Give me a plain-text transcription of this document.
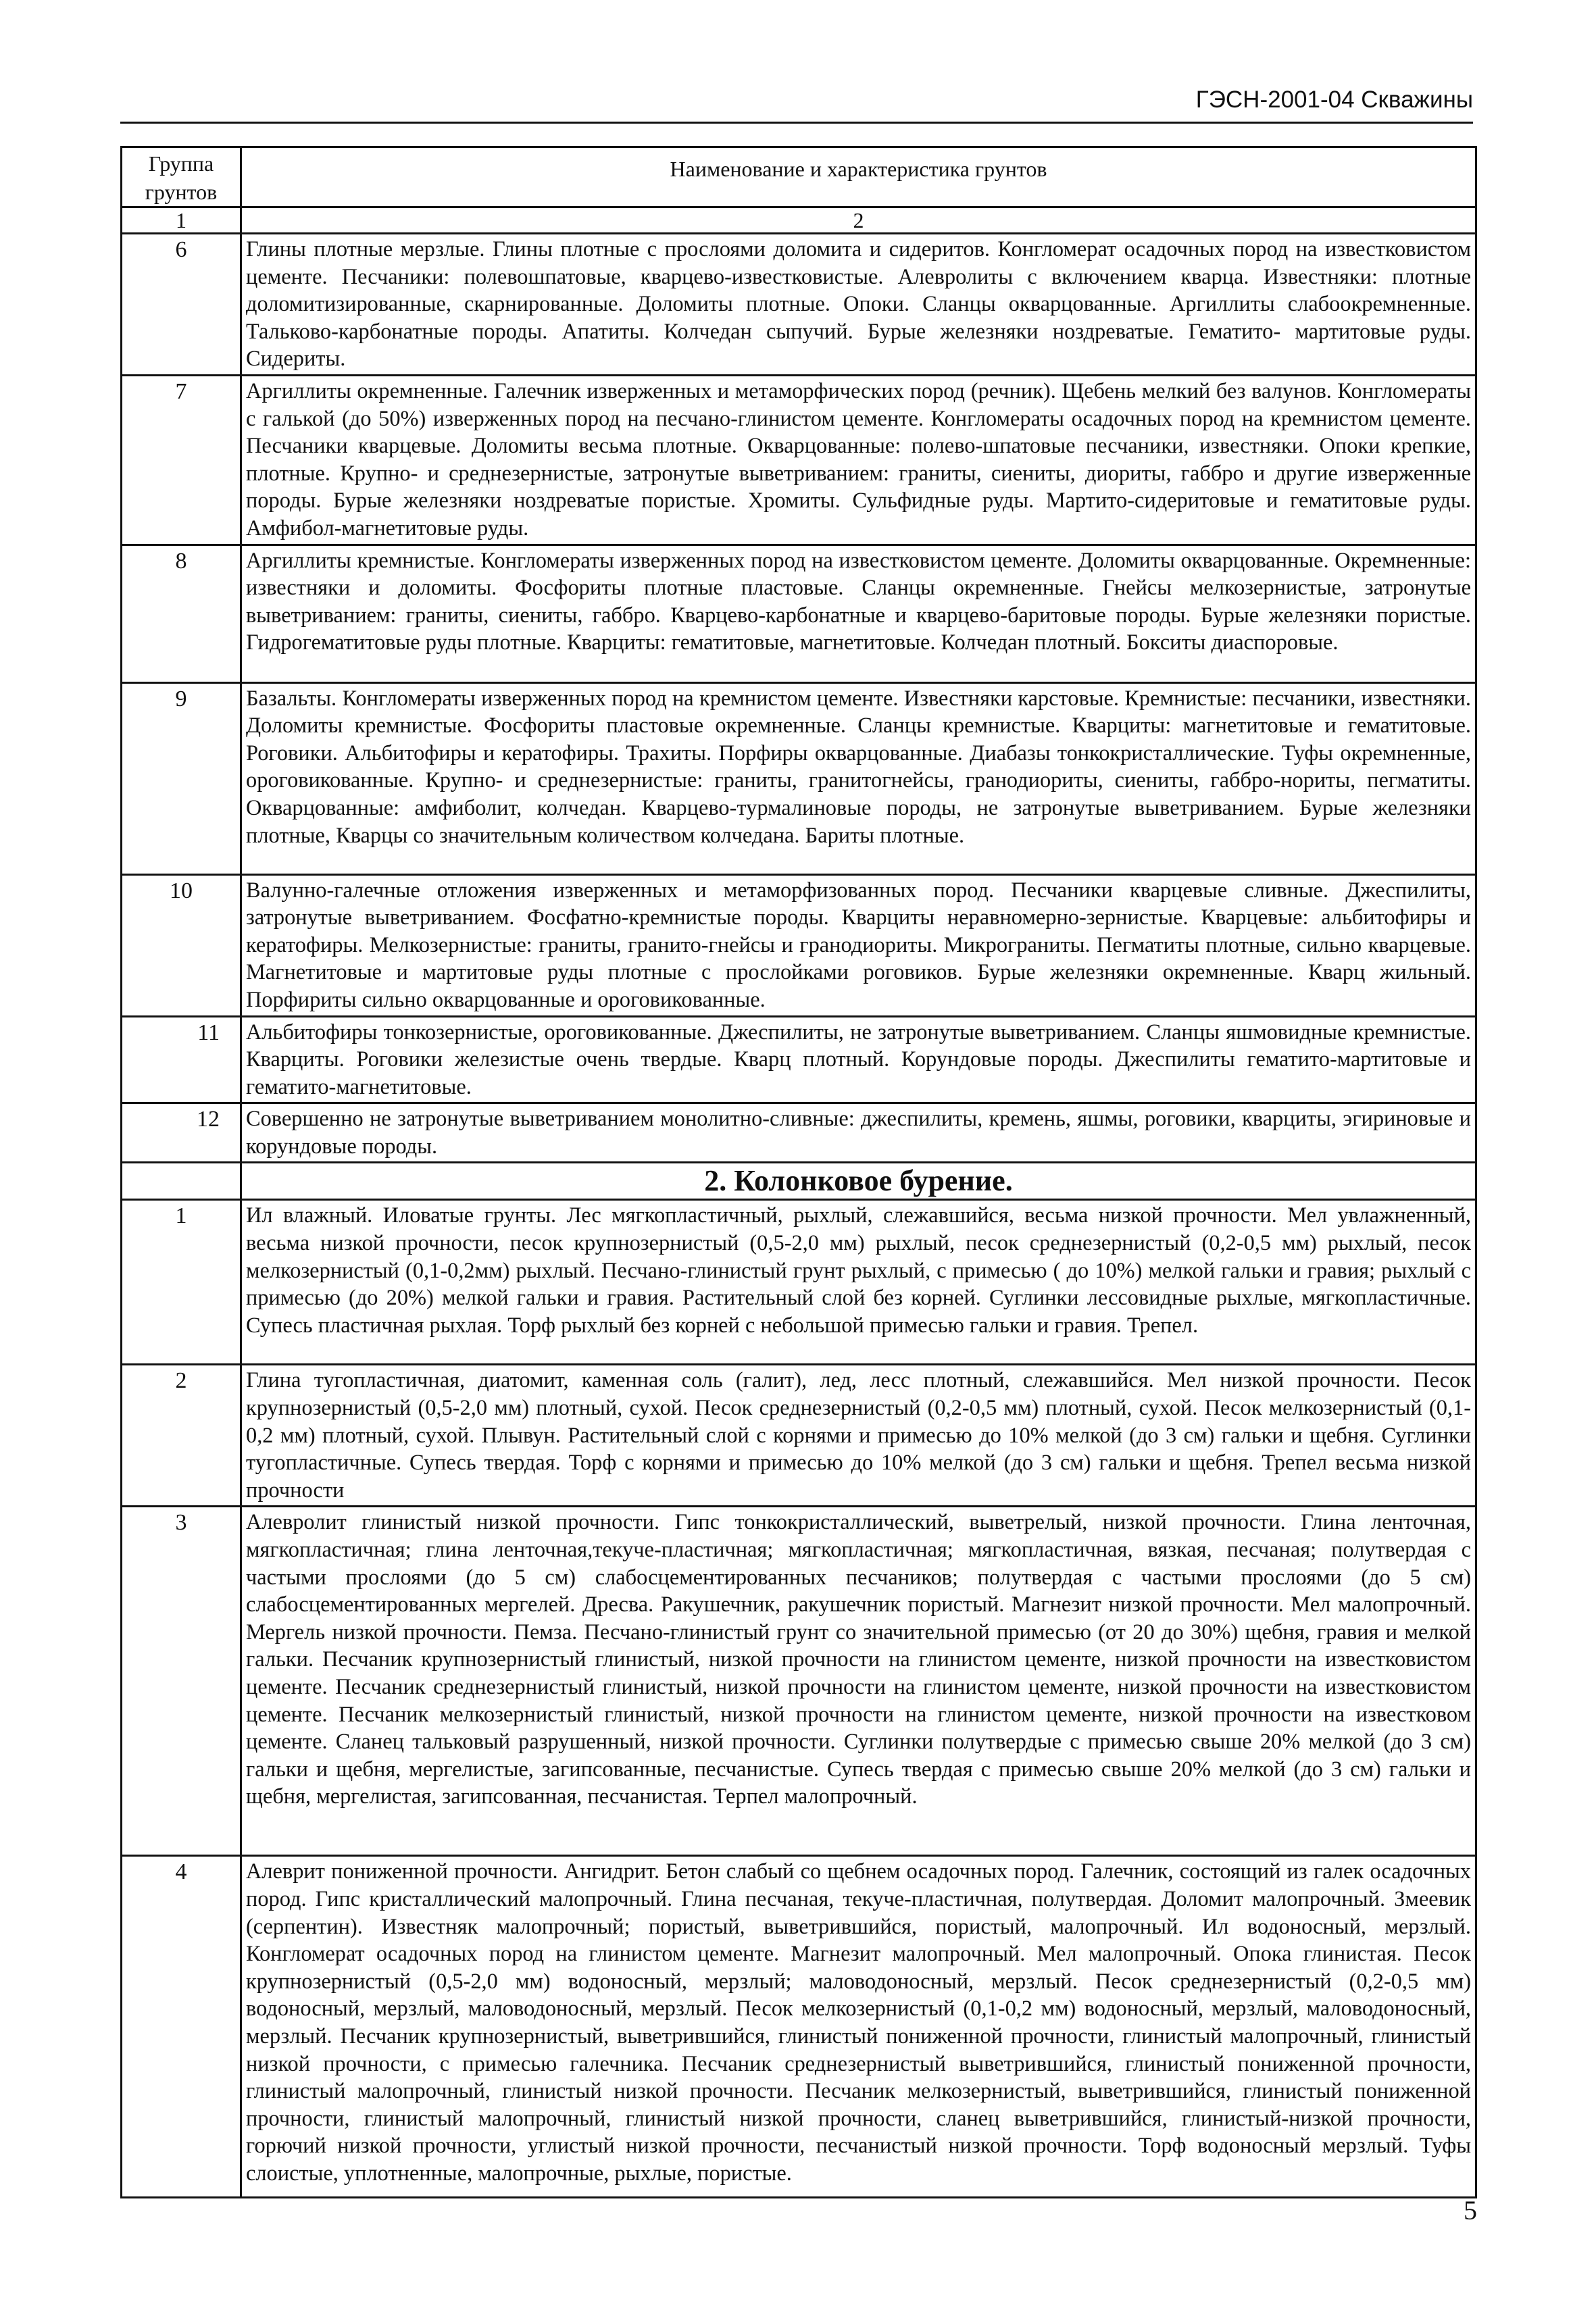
ГЭСН-2001-04 Скважины
Группа грунтов	Наименование и характеристика грунтов
1	2
6	Глины плотные мерзлые. Глины плотные с прослоями доломита и сидеритов. Конгломерат осадочных пород на известковистом цементе. Песчаники: полевошпатовые, кварцево-известковистые. Алевролиты с включением кварца. Известняки: плотные доломитизированные, скарнированные. Доломиты плотные. Опоки. Сланцы окварцованные. Аргиллиты слабоокремненные. Тальково-карбонатные породы. Апатиты. Колчедан сыпучий. Бурые железняки ноздреватые. Гематито- мартитовые руды. Сидериты.
7	Аргиллиты окремненные. Галечник изверженных и метаморфических пород (речник). Щебень мелкий без валунов. Конгломераты с галькой (до 50%) изверженных пород на песчано-глинистом цементе. Конгломераты осадочных пород на кремнистом цементе. Песчаники кварцевые. Доломиты весьма плотные. Окварцованные: полево-шпатовые песчаники, известняки. Опоки крепкие, плотные. Крупно- и среднезернистые, затронутые выветриванием: граниты, сиениты, диориты, габбро и другие изверженные породы. Бурые железняки ноздреватые пористые. Хромиты. Сульфидные руды. Мартито-сидеритовые и гематитовые руды. Амфибол-магнетитовые руды.
8	Аргиллиты кремнистые. Конгломераты изверженных пород на известковистом цементе. Доломиты окварцованные. Окремненные: известняки и доломиты. Фосфориты плотные пластовые. Сланцы окремненные. Гнейсы мелкозернистые, затронутые выветриванием: граниты, сиениты, габбро. Кварцево-карбонатные и кварцево-баритовые породы. Бурые железняки пористые. Гидрогематитовые руды плотные. Кварциты: гематитовые, магнетитовые. Колчедан плотный. Бокситы диаспоровые.
9	Базальты. Конгломераты изверженных пород на кремнистом цементе. Известняки карстовые. Кремнистые: песчаники, известняки. Доломиты кремнистые. Фосфориты пластовые окремненные. Сланцы кремнистые. Кварциты: магнетитовые и гематитовые. Роговики. Альбитофиры и кератофиры. Трахиты. Порфиры окварцованные. Диабазы тонкокристаллические. Туфы окремненные, ороговикованные. Крупно- и среднезернистые: граниты, гранитогнейсы, гранодиориты, сиениты, габбро-нориты, пегматиты. Окварцованные: амфиболит, колчедан. Кварцево-турмалиновые породы, не затронутые выветриванием. Бурые железняки плотные, Кварцы со значительным количеством колчедана. Бариты плотные.
10	Валунно-галечные отложения изверженных и метаморфизованных пород. Песчаники кварцевые сливные. Джеспилиты, затронутые выветриванием. Фосфатно-кремнистые породы. Кварциты неравномерно-зернистые. Кварцевые: альбитофиры и кератофиры. Мелкозернистые: граниты, гранито-гнейсы и гранодиориты. Микрограниты. Пегматиты плотные, сильно кварцевые. Магнетитовые и мартитовые руды плотные с прослойками роговиков. Бурые железняки окремненные. Кварц жильный. Порфириты сильно окварцованные и ороговикованные.
11	Альбитофиры тонкозернистые, ороговикованные. Джеспилиты, не затронутые выветриванием. Сланцы яшмовидные кремнистые. Кварциты. Роговики железистые очень твердые. Кварц плотный. Корундовые породы. Джеспилиты гематито-мартитовые и гематито-магнетитовые.
12	Совершенно не затронутые выветриванием монолитно-сливные: джеспилиты, кремень, яшмы, роговики, кварциты, эгириновые и корундовые породы.
	2. Колонковое бурение.
1	Ил влажный. Иловатые грунты. Лес мягкопластичный, рыхлый, слежавшийся, весьма низкой прочности. Мел увлажненный, весьма низкой прочности, песок крупнозернистый (0,5-2,0 мм) рыхлый, песок среднезернистый (0,2-0,5 мм) рыхлый, песок мелкозернистый (0,1-0,2мм) рыхлый. Песчано-глинистый грунт рыхлый, с примесью ( до 10%) мелкой гальки и гравия; рыхлый с примесью (до 20%) мелкой гальки и гравия. Растительный слой без корней. Суглинки лессовидные рыхлые, мягкопластичные. Супесь пластичная рыхлая. Торф рыхлый без корней с небольшой примесью гальки и гравия. Трепел.
2	Глина тугопластичная, диатомит, каменная соль (галит), лед, лесс плотный, слежавшийся. Мел низкой прочности. Песок крупнозернистый (0,5-2,0 мм) плотный, сухой. Песок среднезернистый (0,2-0,5 мм) плотный, сухой. Песок мелкозернистый (0,1-0,2 мм) плотный, сухой. Плывун. Растительный слой с корнями и примесью до 10% мелкой (до 3 см) гальки и щебня. Суглинки тугопластичные. Супесь твердая. Торф с корнями и примесью до 10% мелкой (до 3 см) гальки и щебня. Трепел весьма низкой прочности
3	Алевролит глинистый низкой прочности. Гипс тонкокристаллический, выветрелый, низкой прочности. Глина ленточная, мягкопластичная; глина ленточная,текуче-пластичная; мягкопластичная; мягкопластичная, вязкая, песчаная; полутвердая с частыми прослоями (до 5 см) слабосцементированных песчаников; полутвердая с частыми прослоями (до 5 см) слабосцементированных мергелей. Дресва. Ракушечник, ракушечник пористый. Магнезит низкой прочности. Мел малопрочный. Мергель низкой прочности. Пемза. Песчано-глинистый грунт со значительной примесью (от 20 до 30%) щебня, гравия и мелкой гальки. Песчаник крупнозернистый глинистый, низкой прочности на глинистом цементе, низкой прочности на известковистом цементе. Песчаник среднезернистый глинистый, низкой прочности на глинистом цементе, низкой прочности на известковистом цементе. Песчаник мелкозернистый глинистый, низкой прочности на глинистом цементе, низкой прочности на известковом цементе. Сланец тальковый разрушенный, низкой прочности. Суглинки полутвердые с примесью свыше 20% мелкой (до 3 см) гальки и щебня, мергелистые, загипсованные, песчанистые. Супесь твердая с примесью свыше 20% мелкой (до 3 см) гальки и щебня, мергелистая, загипсованная, песчанистая. Терпел малопрочный.
4	Алеврит пониженной прочности. Ангидрит. Бетон слабый со щебнем осадочных пород. Галечник, состоящий из галек осадочных пород. Гипс кристаллический малопрочный. Глина песчаная, текуче-пластичная, полутвердая. Доломит малопрочный. Змеевик (серпентин). Известняк малопрочный; пористый, выветрившийся, пористый, малопрочный. Ил водоносный, мерзлый. Конгломерат осадочных пород на глинистом цементе. Магнезит малопрочный. Мел малопрочный. Опока глинистая. Песок крупнозернистый (0,5-2,0 мм) водоносный, мерзлый; маловодоносный, мерзлый. Песок среднезернистый (0,2-0,5 мм) водоносный, мерзлый, маловодоносный, мерзлый. Песок мелкозернистый (0,1-0,2 мм) водоносный, мерзлый, маловодоносный, мерзлый. Песчаник крупнозернистый, выветрившийся, глинистый пониженной прочности, глинистый малопрочный, глинистый низкой прочности, с примесью галечника. Песчаник среднезернистый выветрившийся, глинистый пониженной прочности, глинистый малопрочный, глинистый низкой прочности. Песчаник мелкозернистый, выветрившийся, глинистый пониженной прочности, глинистый малопрочный, глинистый низкой прочности, сланец выветрившийся, глинистый-низкой прочности, горючий низкой прочности, углистый низкой прочности, песчанистый низкой прочности. Торф водоносный мерзлый. Туфы слоистые, уплотненные, малопрочные, рыхлые, пористые.
5
